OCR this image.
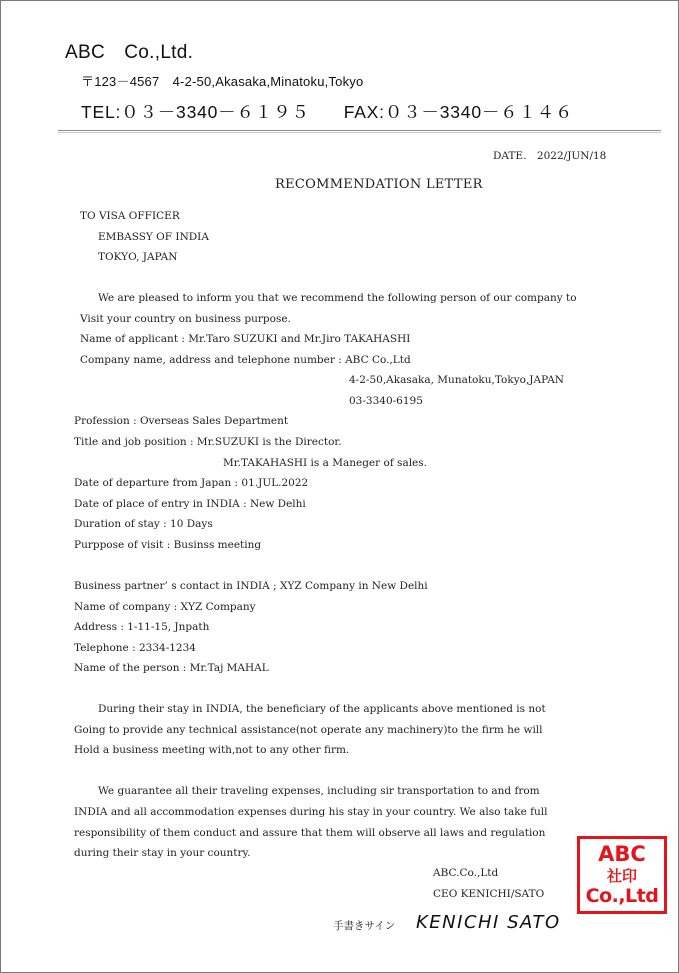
ABC　Co.,Ltd.
〒123－4567　4-2-50,Akasaka,Minatoku,Tokyo
TEL:０３－3340－６１９５ FAX:０３－3340－６１４６
DATE.　2022/JUN/18
RECOMMENDATION LETTER
TO VISA OFFICER
EMBASSY OF INDIA
TOKYO, JAPAN
We are pleased to inform you that we recommend the following person of our company to
Visit your country on business purpose.
Name of applicant : Mr.Taro SUZUKI and Mr.Jiro TAKAHASHI
Company name, address and telephone number : ABC Co.,Ltd
4-2-50,Akasaka, Munatoku,Tokyo,JAPAN
03-3340-6195
Profession : Overseas Sales Department
Title and job position : Mr.SUZUKI is the Director.
Mr.TAKAHASHI is a Maneger of sales.
Date of departure from Japan : 01.JUL.2022
Date of place of entry in INDIA : New Delhi
Duration of stay : 10 Days
Purppose of visit : Businss meeting
Business partner’ s contact in INDIA ; XYZ Company in New Delhi
Name of company : XYZ Company
Address : 1-11-15, Jnpath
Telephone : 2334-1234
Name of the person : Mr.Taj MAHAL
During their stay in INDIA, the beneficiary of the applicants above mentioned is not
Going to provide any technical assistance(not operate any machinery)to the firm he will
Hold a business meeting with,not to any other firm.
We guarantee all their traveling expenses, including sir transportation to and from
INDIA and all accommodation expenses during his stay in your country. We also take full
responsibility of them conduct and assure that them will observe all laws and regulation
during their stay in your country.
ABC.Co.,Ltd
CEO KENICHI/SATO
手書きサイン KENICHI SATO
ABC
社印
Co.,Ltd
